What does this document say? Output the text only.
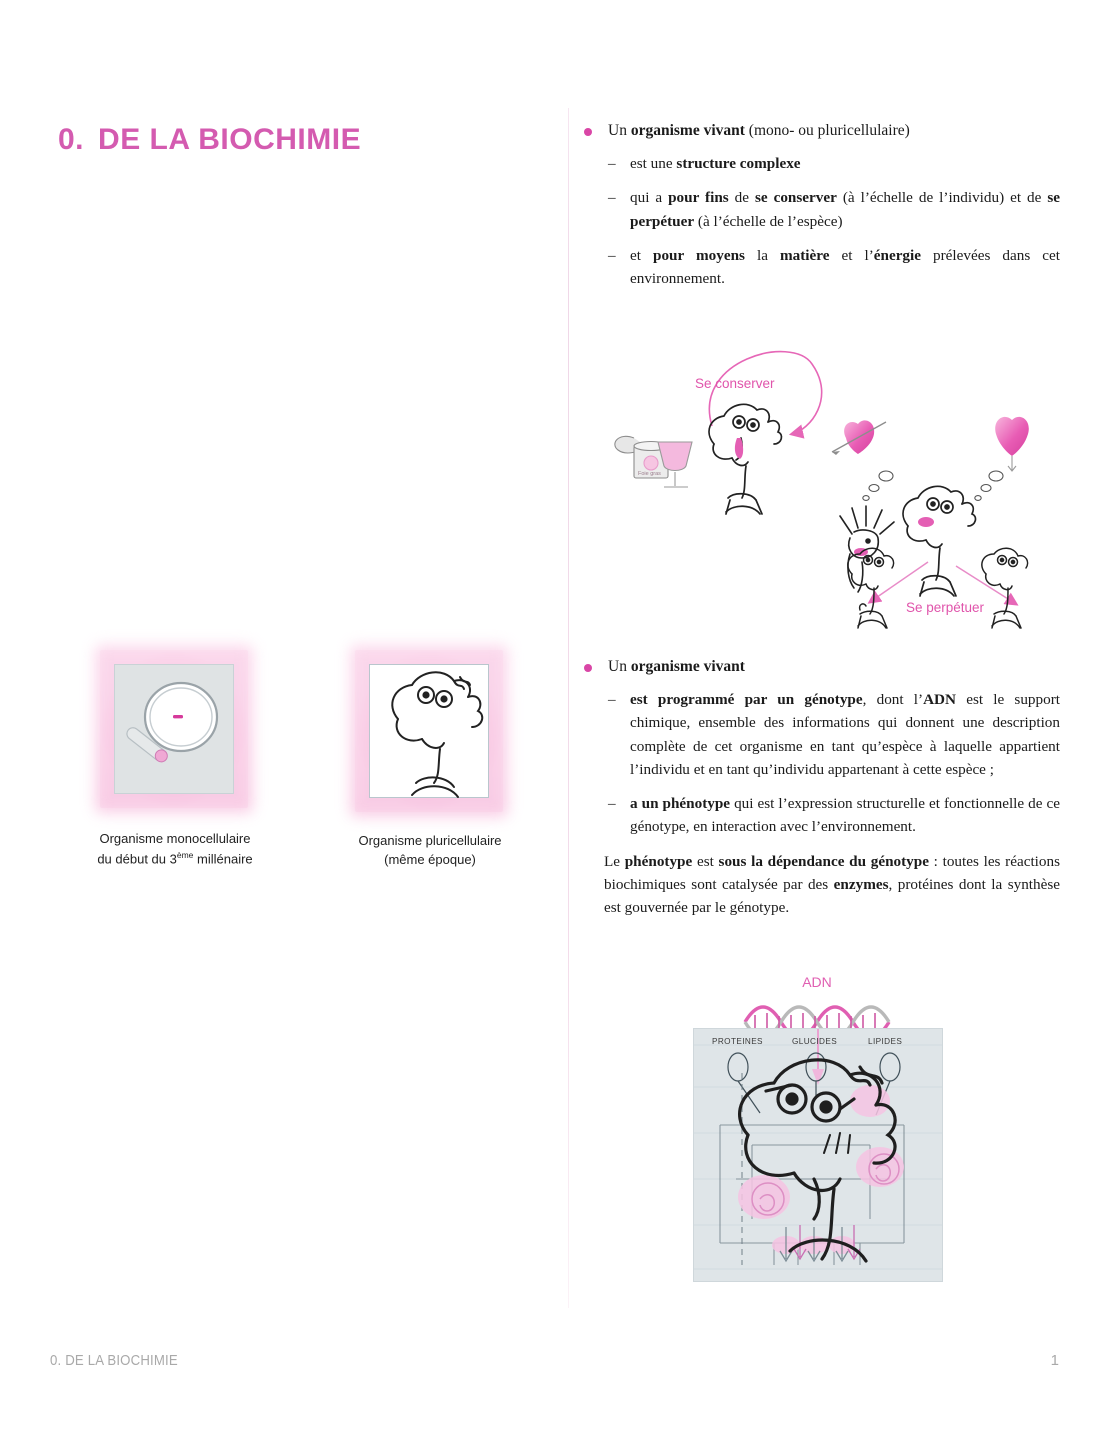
0. DE LA BIOCHIMIE	Un organisme vivant (mono- ou pluricellulaire)
– est une structure complexe
– qui a pour fins de se conserver (à l’échelle de l’individu) et de se perpétuer (à l’échelle de l’espèce)
– et pour moyens la matière et l’énergie prélevées dans cet environnement.
Se conserver
Foie gras
Se perpétuer
Un organisme vivant
– est programmé par un génotype, dont l’ADN est le support chimique, ensemble des informations qui donnent une description complète de cet organisme en tant qu’espèce à laquelle appartient l’individu et en tant qu’individu appartenant à cette espèce ;
– a un phénotype qui est l’expression structurelle et fonctionnelle de ce génotype, en interaction avec l’environnement.
Le phénotype est sous la dépendance du génotype : toutes les réactions biochimiques sont catalysée par des enzymes, protéines dont la synthèse est gouvernée par le génotype.
Organisme monocellulaire
du début du 3ème millénaire
Organisme pluricellulaire
(même époque)
ADN
PROTEINES	GLUCIDES	LIPIDES
0. DE LA BIOCHIMIE	1
